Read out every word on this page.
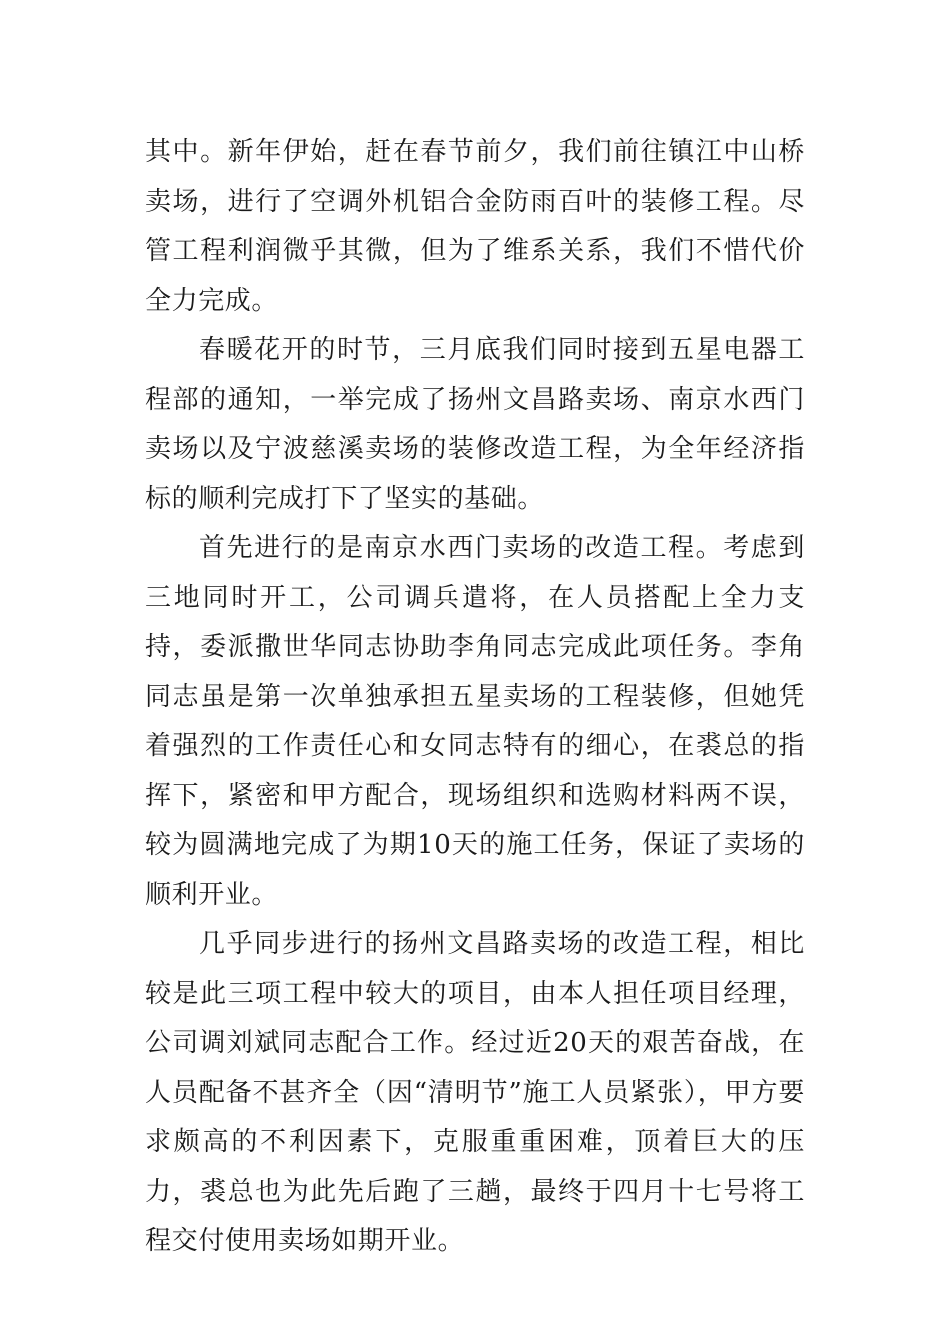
其中。新年伊始，赶在春节前夕，我们前往镇江中山桥卖场，进行了空调外机铝合金防雨百叶的装修工程。尽管工程利润微乎其微，但为了维系关系，我们不惜代价全力完成。

春暖花开的时节，三月底我们同时接到五星电器工程部的通知，一举完成了扬州文昌路卖场、南京水西门卖场以及宁波慈溪卖场的装修改造工程，为全年经济指标的顺利完成打下了坚实的基础。

首先进行的是南京水西门卖场的改造工程。考虑到三地同时开工，公司调兵遣将，在人员搭配上全力支持，委派撒世华同志协助李角同志完成此项任务。李角同志虽是第一次单独承担五星卖场的工程装修，但她凭着强烈的工作责任心和女同志特有的细心，在裘总的指挥下，紧密和甲方配合，现场组织和选购材料两不误，较为圆满地完成了为期10天的施工任务，保证了卖场的顺利开业。

几乎同步进行的扬州文昌路卖场的改造工程，相比较是此三项工程中较大的项目，由本人担任项目经理，公司调刘斌同志配合工作。经过近20天的艰苦奋战，在人员配备不甚齐全（因“清明节”施工人员紧张），甲方要求颇高的不利因素下，克服重重困难，顶着巨大的压力，裘总也为此先后跑了三趟，最终于四月十七号将工程交付使用卖场如期开业。
